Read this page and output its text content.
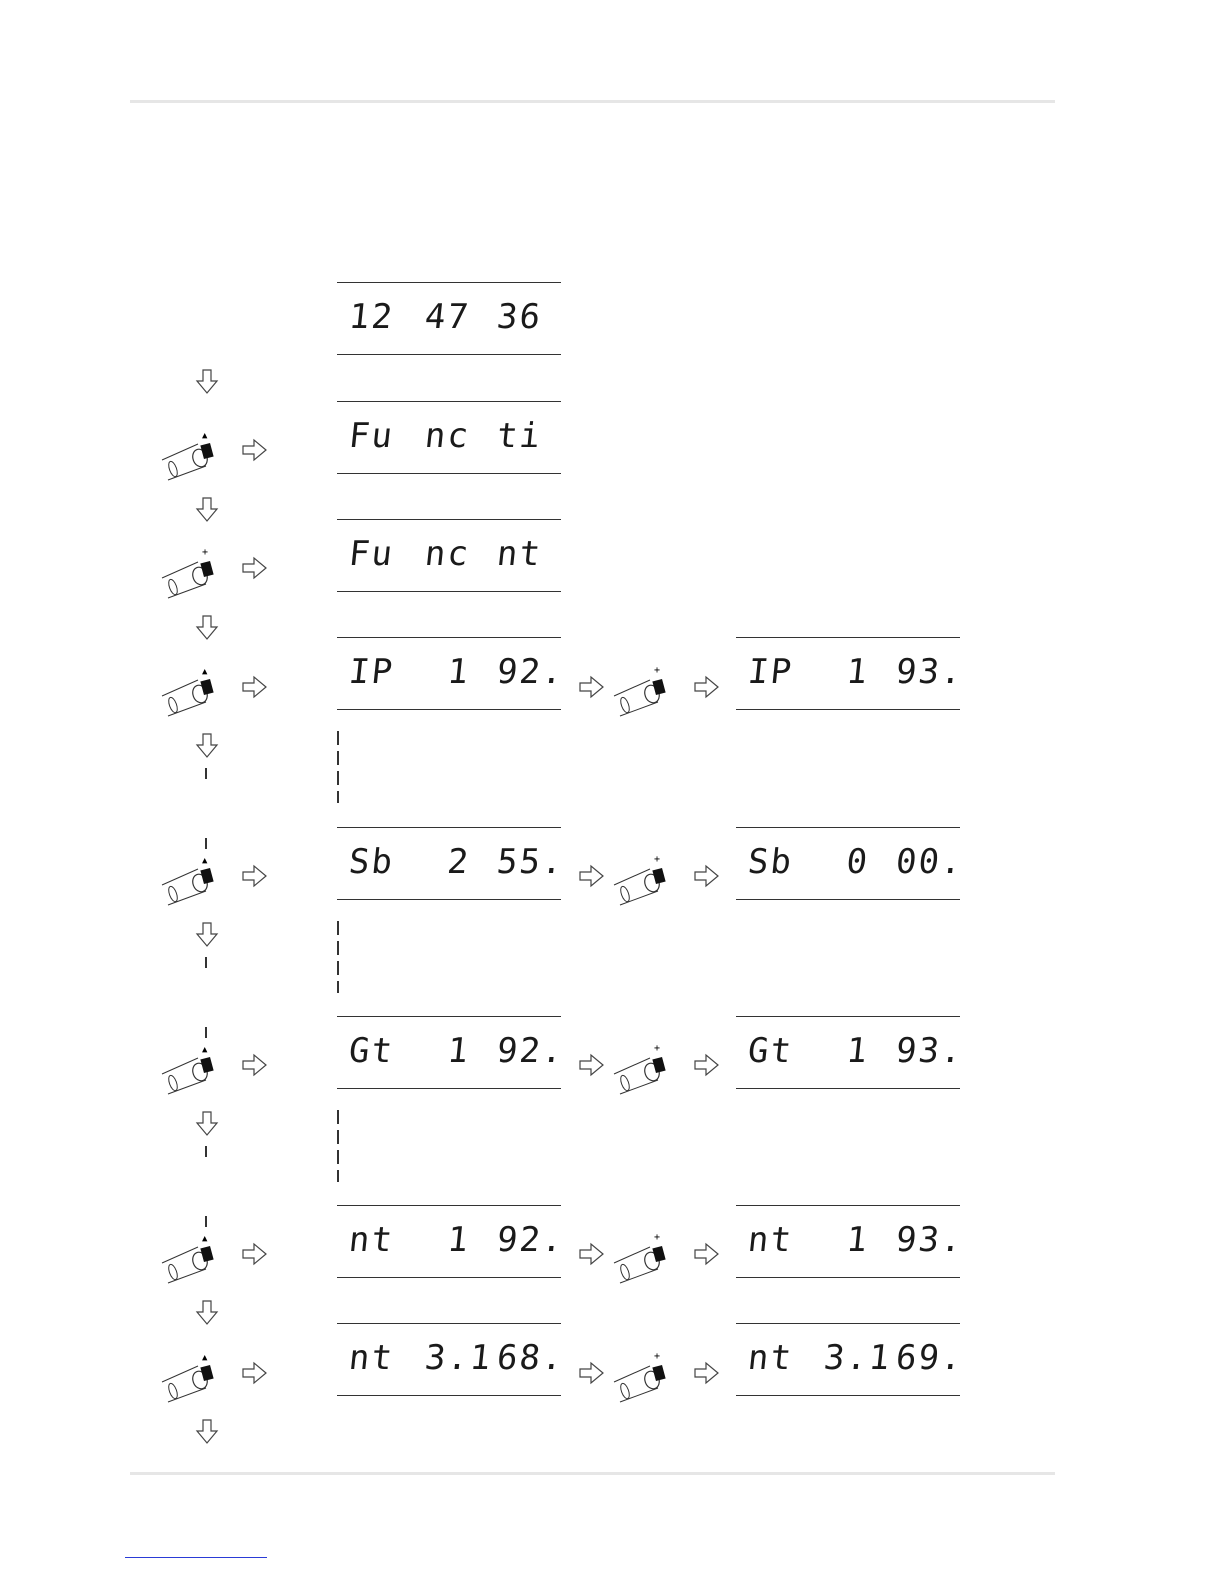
12 47 36
▲	Fu nc ti
+	Fu nc nt
▲	IP 1 92.	+	IP 1 93.
▲	Sb 2 55.	+	Sb 0 00.
▲	Gt 1 92.	+	Gt 1 93.
▲	nt 1 92.	+	nt 1 93.
▲	nt 3.1 68.	+	nt 3.1 69.
